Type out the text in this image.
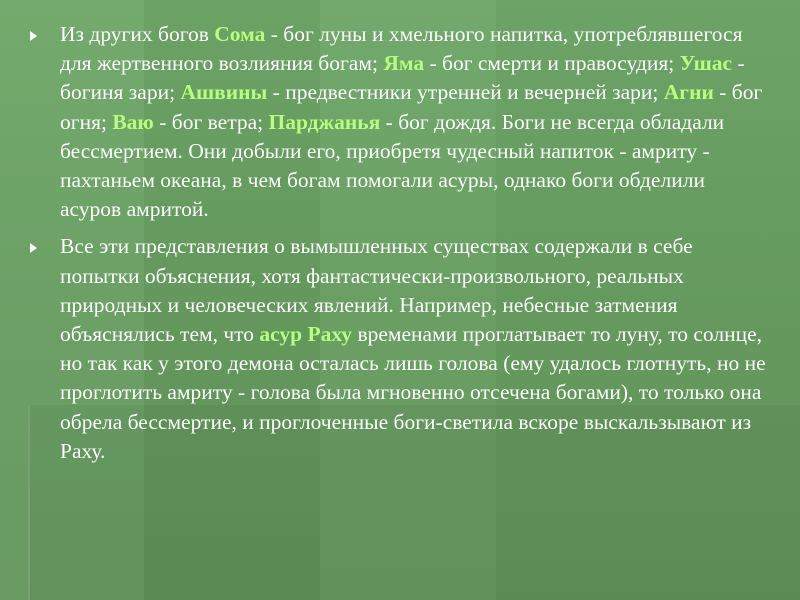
Из других богов Сома - бог луны и хмельного напитка, употреблявшегося для жертвенного возлияния богам; Яма - бог смерти и правосудия; Ушас - богиня зари; Ашвины - предвестники утренней и вечерней зари; Агни - бог огня; Ваю - бог ветра; Парджанья - бог дождя. Боги не всегда обладали бессмертием. Они добыли его, приобретя чудесный напиток - амриту - пахтаньем океана, в чем богам помогали асуры, однако боги обделили асуров амритой.

Все эти представления о вымышленных существах содержали в себе попытки объяснения, хотя фантастически-произвольного, реальных природных и человеческих явлений. Например, небесные затмения объяснялись тем, что асур Раху временами проглатывает то луну, то солнце, но так как у этого демона осталась лишь голова (ему удалось глотнуть, но не проглотить амриту - голова была мгновенно отсечена богами), то только она обрела бессмертие, и проглоченные боги-светила вскоре выскальзывают из Раху.
